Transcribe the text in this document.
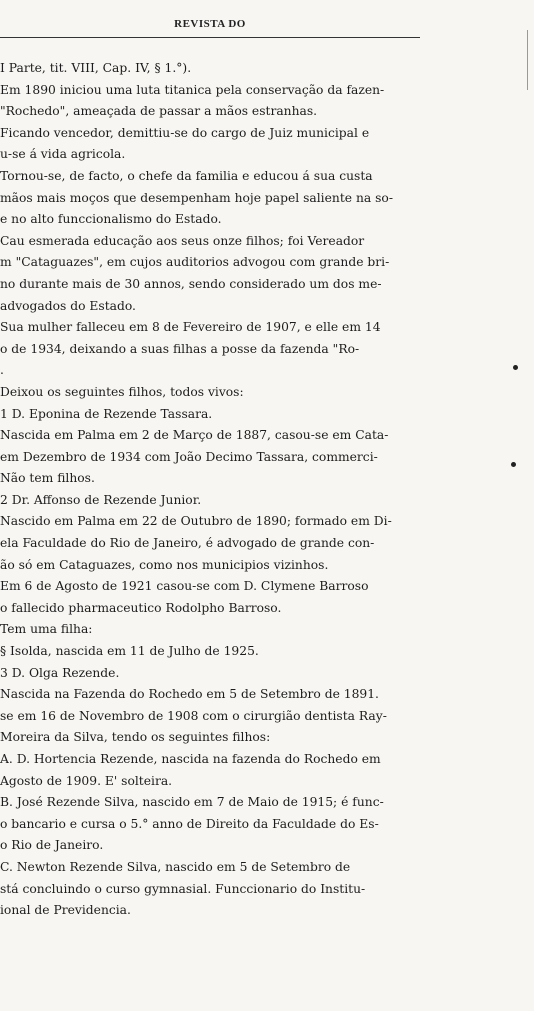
REVISTA DO
I Parte, tit. VIII, Cap. IV, § 1.°).
Em 1890 iniciou uma luta titanica pela conservação da fazen-
"Rochedo", ameaçada de passar a mãos estranhas.
Ficando vencedor, demittiu-se do cargo de Juiz municipal e
u-se á vida agricola.
Tornou-se, de facto, o chefe da familia e educou á sua custa
mãos mais moços que desempenham hoje papel saliente na so-
e no alto funccionalismo do Estado.
Cau esmerada educação aos seus onze filhos; foi Vereador
m "Cataguazes", em cujos auditorios advogou com grande bri-
no durante mais de 30 annos, sendo considerado um dos me-
advogados do Estado.
Sua mulher falleceu em 8 de Fevereiro de 1907, e elle em 14
o de 1934, deixando a suas filhas a posse da fazenda "Ro-
.
Deixou os seguintes filhos, todos vivos:
1 D. Eponina de Rezende Tassara.
Nascida em Palma em 2 de Março de 1887, casou-se em Cata-
em Dezembro de 1934 com João Decimo Tassara, commerci-
Não tem filhos.
2 Dr. Affonso de Rezende Junior.
Nascido em Palma em 22 de Outubro de 1890; formado em Di-
ela Faculdade do Rio de Janeiro, é advogado de grande con-
ão só em Cataguazes, como nos municipios vizinhos.
Em 6 de Agosto de 1921 casou-se com D. Clymene Barroso
o fallecido pharmaceutico Rodolpho Barroso.
Tem uma filha:
§ Isolda, nascida em 11 de Julho de 1925.
3 D. Olga Rezende.
Nascida na Fazenda do Rochedo em 5 de Setembro de 1891.
se em 16 de Novembro de 1908 com o cirurgião dentista Ray-
Moreira da Silva, tendo os seguintes filhos:
A. D. Hortencia Rezende, nascida na fazenda do Rochedo em
Agosto de 1909. E' solteira.
B. José Rezende Silva, nascido em 7 de Maio de 1915; é func-
o bancario e cursa o 5.° anno de Direito da Faculdade do Es-
o Rio de Janeiro.
C. Newton Rezende Silva, nascido em 5 de Setembro de
stá concluindo o curso gymnasial. Funccionario do Institu-
ional de Previdencia.
